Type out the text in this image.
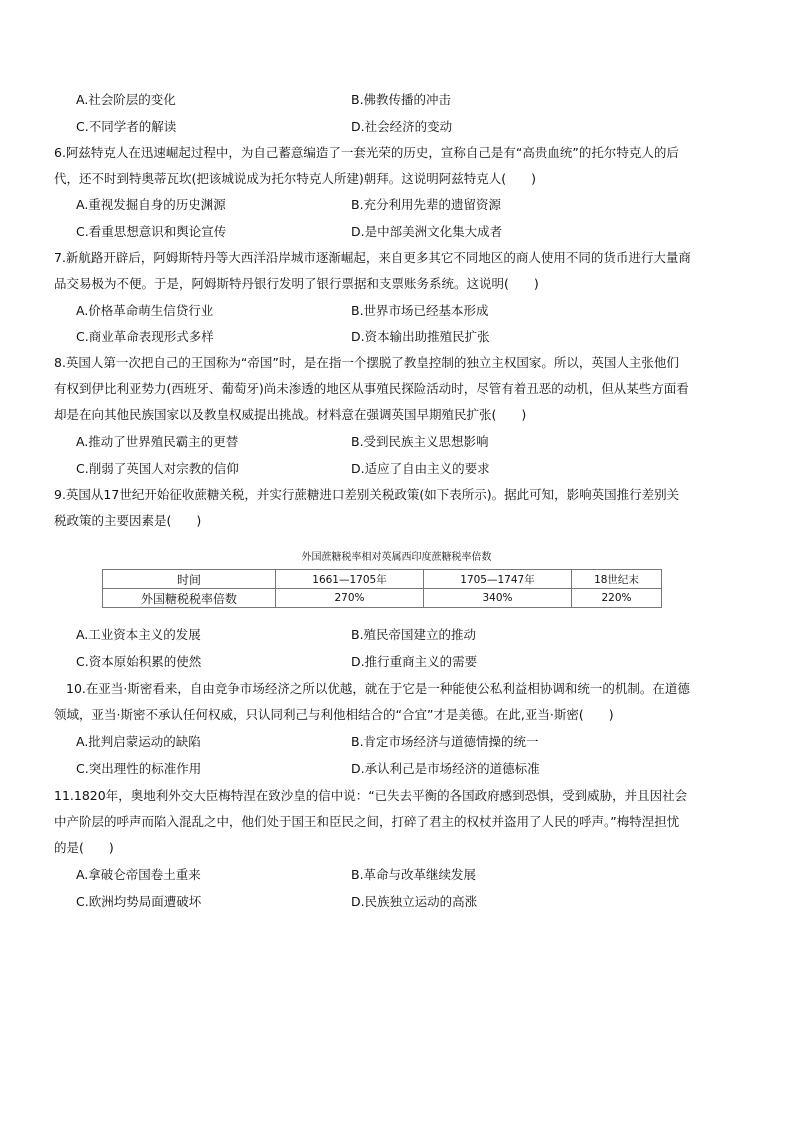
A.社会阶层的变化	B.佛教传播的冲击
C.不同学者的解读	D.社会经济的变动
6.阿兹特克人在迅速崛起过程中，为自己蓄意编造了一套光荣的历史，宣称自己是有“高贵血统”的托尔特克人的后
代，还不时到特奥蒂瓦坎(把该城说成为托尔特克人所建)朝拜。这说明阿兹特克人(　　)
A.重视发掘自身的历史渊源	B.充分利用先辈的遗留资源
C.看重思想意识和舆论宣传	D.是中部美洲文化集大成者
7.新航路开辟后，阿姆斯特丹等大西洋沿岸城市逐渐崛起，来自更多其它不同地区的商人使用不同的货币进行大量商
品交易极为不便。于是，阿姆斯特丹银行发明了银行票据和支票账务系统。这说明(　　)
A.价格革命萌生信贷行业	B.世界市场已经基本形成
C.商业革命表现形式多样	D.资本输出助推殖民扩张
8.英国人第一次把自己的王国称为“帝国”时，是在指一个摆脱了教皇控制的独立主权国家。所以，英国人主张他们
有权到伊比利亚势力(西班牙、葡萄牙)尚未渗透的地区从事殖民探险活动时，尽管有着丑恶的动机，但从某些方面看
却是在向其他民族国家以及教皇权威提出挑战。材料意在强调英国早期殖民扩张(　　)
A.推动了世界殖民霸主的更替	B.受到民族主义思想影响
C.削弱了英国人对宗教的信仰	D.适应了自由主义的要求
9.英国从17世纪开始征收蔗糖关税，并实行蔗糖进口差别关税政策(如下表所示)。据此可知，影响英国推行差别关
税政策的主要因素是(　　)
外国蔗糖税率相对英属西印度蔗糖税率倍数
时间	1661—1705年	1705—1747年	18世纪末
外国糖税税率倍数	270%	340%	220%
A.工业资本主义的发展	B.殖民帝国建立的推动
C.资本原始积累的使然	D.推行重商主义的需要
10.在亚当·斯密看来，自由竞争市场经济之所以优越，就在于它是一种能使公私利益相协调和统一的机制。在道德
领域，亚当·斯密不承认任何权威，只认同利己与利他相结合的“合宜”才是美德。在此,亚当·斯密(　　)
A.批判启蒙运动的缺陷	B.肯定市场经济与道德情操的统一
C.突出理性的标准作用	D.承认利己是市场经济的道德标准
11.1820年，奥地利外交大臣梅特涅在致沙皇的信中说：“已失去平衡的各国政府感到恐惧，受到威胁，并且因社会
中产阶层的呼声而陷入混乱之中，他们处于国王和臣民之间，打碎了君主的权杖并盗用了人民的呼声。”梅特涅担忧
的是(　　)
A.拿破仑帝国卷土重来	B.革命与改革继续发展
C.欧洲均势局面遭破坏	D.民族独立运动的高涨
